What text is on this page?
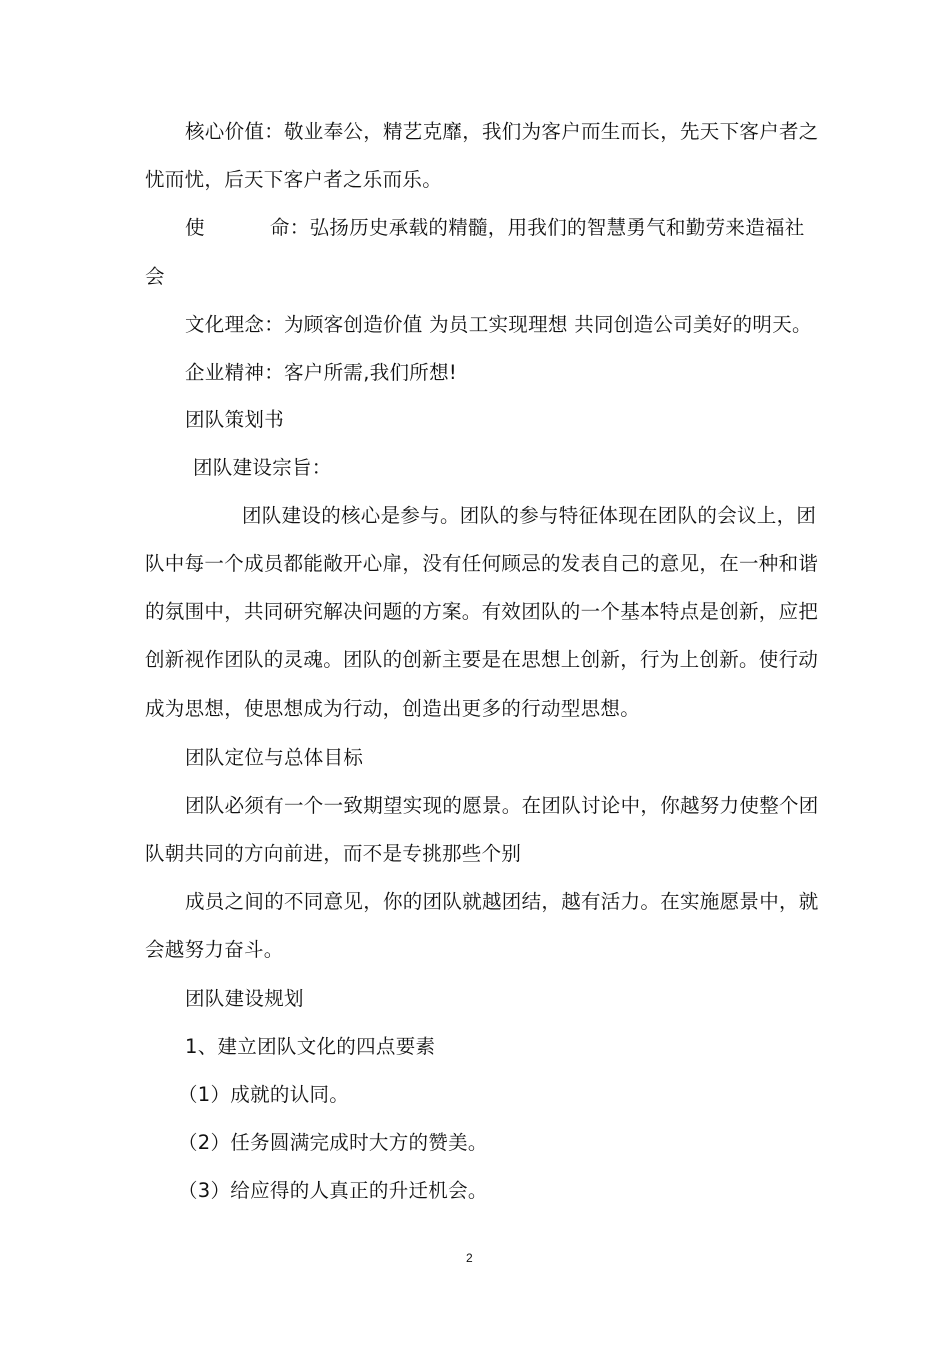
核心价值：敬业奉公，精艺克靡，我们为客户而生而长，先天下客户者之
忧而忧，后天下客户者之乐而乐。
使	命：弘扬历史承载的精髓，用我们的智慧勇气和勤劳来造福社
会
文化理念：为顾客创造价值 为员工实现理想 共同创造公司美好的明天。
企业精神：客户所需,我们所想!
团队策划书
团队建设宗旨：
团队建设的核心是参与。团队的参与特征体现在团队的会议上，团
队中每一个成员都能敞开心扉，没有任何顾忌的发表自己的意见，在一种和谐
的氛围中，共同研究解决问题的方案。有效团队的一个基本特点是创新，应把
创新视作团队的灵魂。团队的创新主要是在思想上创新，行为上创新。使行动
成为思想，使思想成为行动，创造出更多的行动型思想。
团队定位与总体目标
团队必须有一个一致期望实现的愿景。在团队讨论中，你越努力使整个团
队朝共同的方向前进，而不是专挑那些个别
成员之间的不同意见，你的团队就越团结，越有活力。在实施愿景中，就
会越努力奋斗。
团队建设规划
1、建立团队文化的四点要素
（1）成就的认同。
（2）任务圆满完成时大方的赞美。
（3）给应得的人真正的升迁机会。
2
